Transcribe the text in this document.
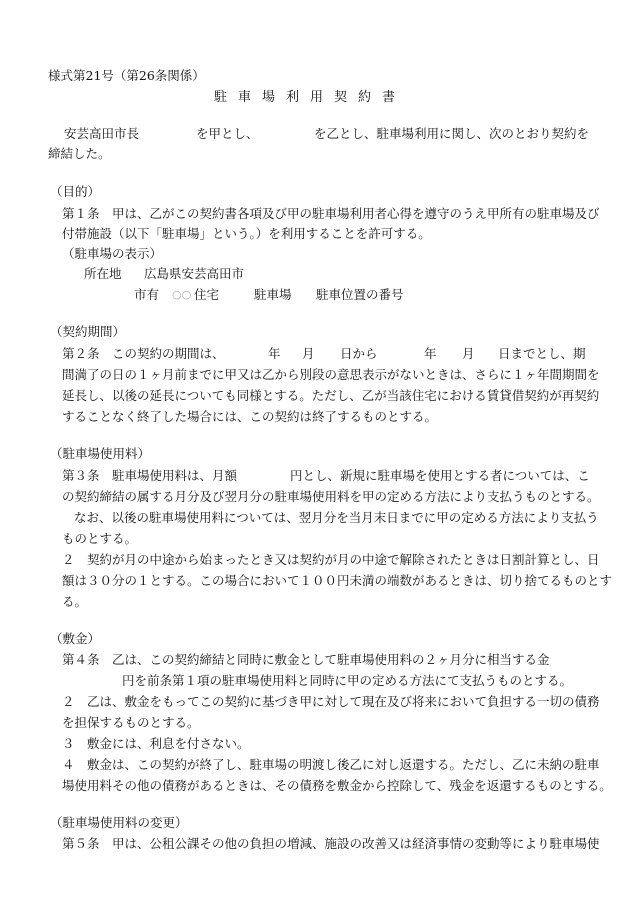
様式第21号（第26条関係）
駐車場利用契約書
安芸高田市長	を甲とし、	を乙とし、駐車場利用に関し、次のとおり契約を
締結した。
（目的）
第１条　甲は、乙がこの契約書各項及び甲の駐車場利用者心得を遵守のうえ甲所有の駐車場及び
付帯施設（以下「駐車場」という。）を利用することを許可する。
（駐車場の表示）
所在地 広島県安芸高田市
市有 ○○ 住宅	駐車場 駐車位置の番号
（契約期間）
第２条　この契約の期間は、	年 月 日から	年 月 日までとし、期
間満了の日の１ヶ月前までに甲又は乙から別段の意思表示がないときは、さらに１ヶ年間期間を
延長し、以後の延長についても同様とする。ただし、乙が当該住宅における賃貸借契約が再契約
することなく終了した場合には、この契約は終了するものとする。
（駐車場使用料）
第３条　駐車場使用料は、月額	円とし、新規に駐車場を使用とする者については、こ
の契約締結の属する月分及び翌月分の駐車場使用料を甲の定める方法により支払うものとする。
なお、以後の駐車場使用料については、翌月分を当月末日までに甲の定める方法により支払う
ものとする。
２　契約が月の中途から始まったとき又は契約が月の中途で解除されたときは日割計算とし、日
額は３０分の１とする。この場合において１００円未満の端数があるときは、切り捨てるものとす
る。
（敷金）
第４条　乙は、この契約締結と同時に敷金として駐車場使用料の２ヶ月分に相当する金
円を前条第１項の駐車場使用料と同時に甲の定める方法にて支払うものとする。
２　乙は、敷金をもってこの契約に基づき甲に対して現在及び将来において負担する一切の債務
を担保するものとする。
３　敷金には、利息を付さない。
４　敷金は、この契約が終了し、駐車場の明渡し後乙に対し返還する。ただし、乙に未納の駐車
場使用料その他の債務があるときは、その債務を敷金から控除して、残金を返還するものとする。
（駐車場使用料の変更）
第５条　甲は、公租公課その他の負担の増減、施設の改善又は経済事情の変動等により駐車場使
